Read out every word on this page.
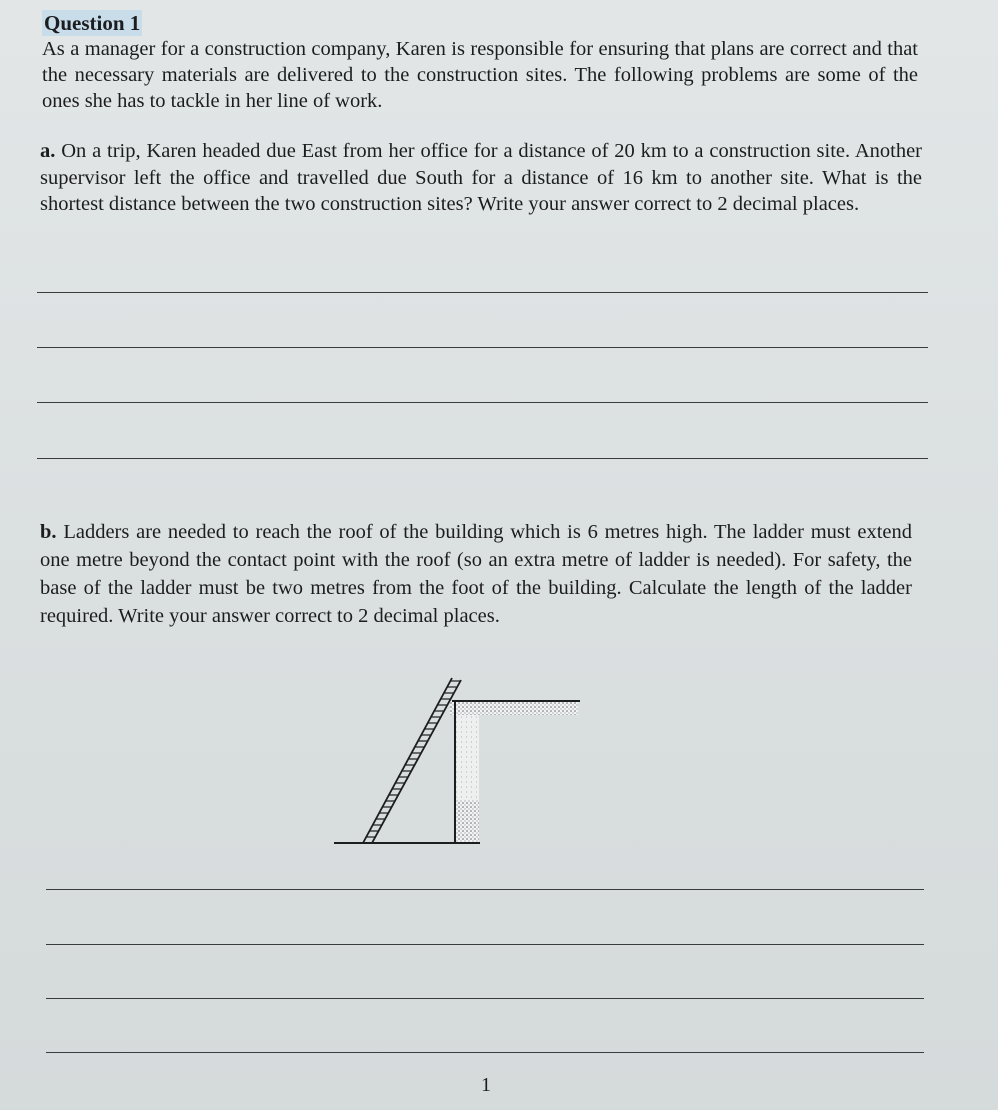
Question 1
As a manager for a construction company, Karen is responsible for ensuring that plans are correct and that the necessary materials are delivered to the construction sites. The following problems are some of the ones she has to tackle in her line of work.
a. On a trip, Karen headed due East from her office for a distance of 20 km to a construction site. Another supervisor left the office and travelled due South for a distance of 16 km to another site. What is the shortest distance between the two construction sites? Write your answer correct to 2 decimal places.
b. Ladders are needed to reach the roof of the building which is 6 metres high. The ladder must extend one metre beyond the contact point with the roof (so an extra metre of ladder is needed). For safety, the base of the ladder must be two metres from the foot of the building. Calculate the length of the ladder required. Write your answer correct to 2 decimal places.
1
